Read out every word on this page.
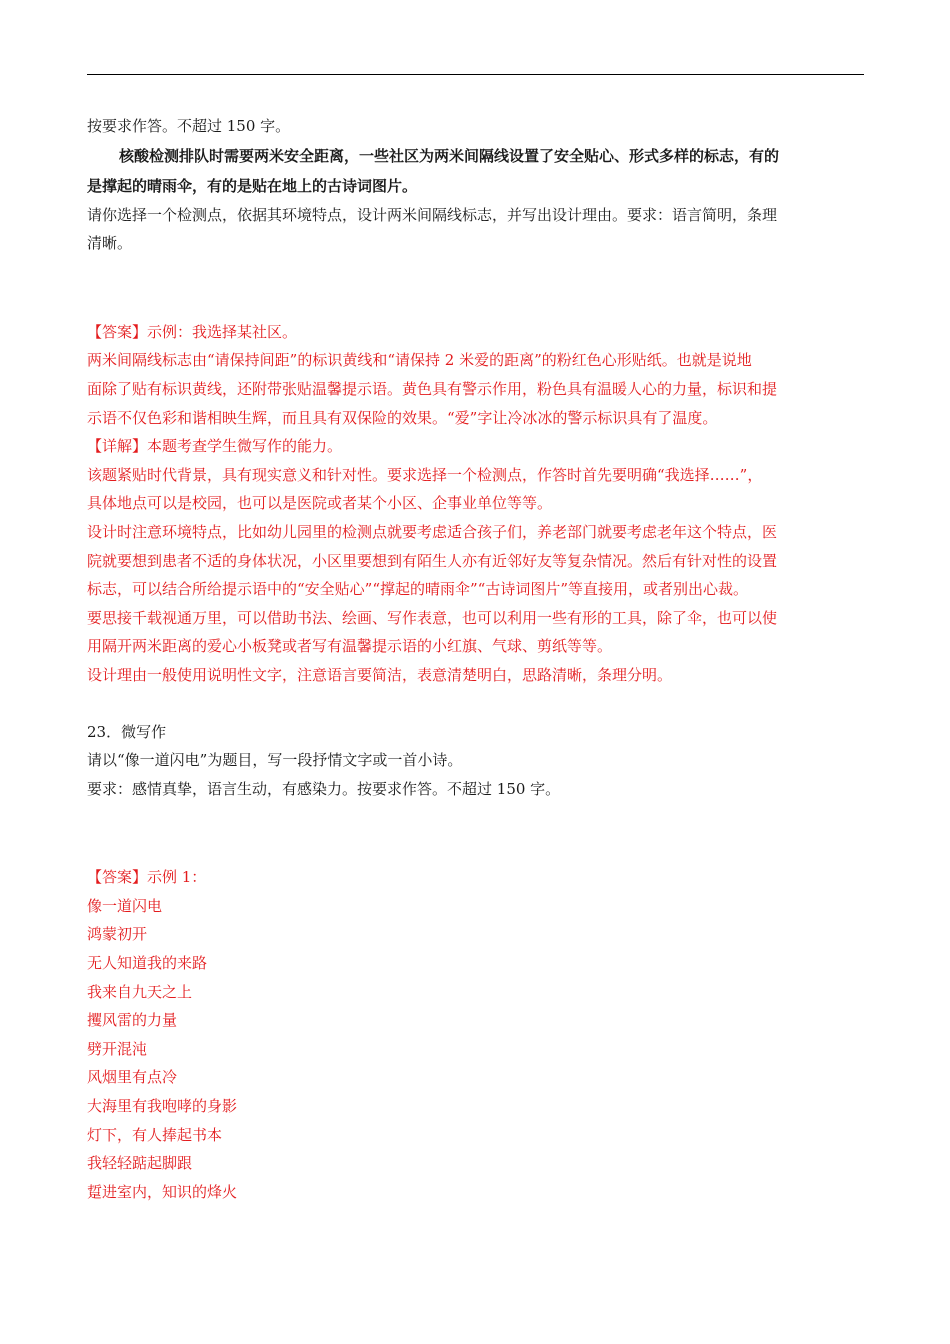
按要求作答。不超过 150 字。

核酸检测排队时需要两米安全距离，一些社区为两米间隔线设置了安全贴心、形式多样的标志，有的

是撑起的晴雨伞，有的是贴在地上的古诗词图片。

请你选择一个检测点，依据其环境特点，设计两米间隔线标志，并写出设计理由。要求：语言简明，条理

清晰。

【答案】示例：我选择某社区。

两米间隔线标志由“请保持间距”的标识黄线和“请保持 2 米爱的距离”的粉红色心形贴纸。也就是说地

面除了贴有标识黄线，还附带张贴温馨提示语。黄色具有警示作用，粉色具有温暖人心的力量，标识和提

示语不仅色彩和谐相映生辉，而且具有双保险的效果。“爱”字让冷冰冰的警示标识具有了温度。

【详解】本题考查学生微写作的能力。

该题紧贴时代背景，具有现实意义和针对性。要求选择一个检测点，作答时首先要明确“我选择……”，

具体地点可以是校园，也可以是医院或者某个小区、企事业单位等等。

设计时注意环境特点，比如幼儿园里的检测点就要考虑适合孩子们，养老部门就要考虑老年这个特点，医

院就要想到患者不适的身体状况，小区里要想到有陌生人亦有近邻好友等复杂情况。然后有针对性的设置

标志，可以结合所给提示语中的“安全贴心”“撑起的晴雨伞”“古诗词图片”等直接用，或者别出心裁。

要思接千载视通万里，可以借助书法、绘画、写作表意，也可以利用一些有形的工具，除了伞，也可以使

用隔开两米距离的爱心小板凳或者写有温馨提示语的小红旗、气球、剪纸等等。

设计理由一般使用说明性文字，注意语言要简洁，表意清楚明白，思路清晰，条理分明。

23．微写作

请以“像一道闪电”为题目，写一段抒情文字或一首小诗。

要求：感情真挚，语言生动，有感染力。按要求作答。不超过 150 字。

【答案】示例 1：

像一道闪电

鸿蒙初开

无人知道我的来路

我来自九天之上

攫风雷的力量

劈开混沌

风烟里有点冷

大海里有我咆哮的身影

灯下，有人捧起书本

我轻轻踮起脚跟

踅进室内，知识的烽火
